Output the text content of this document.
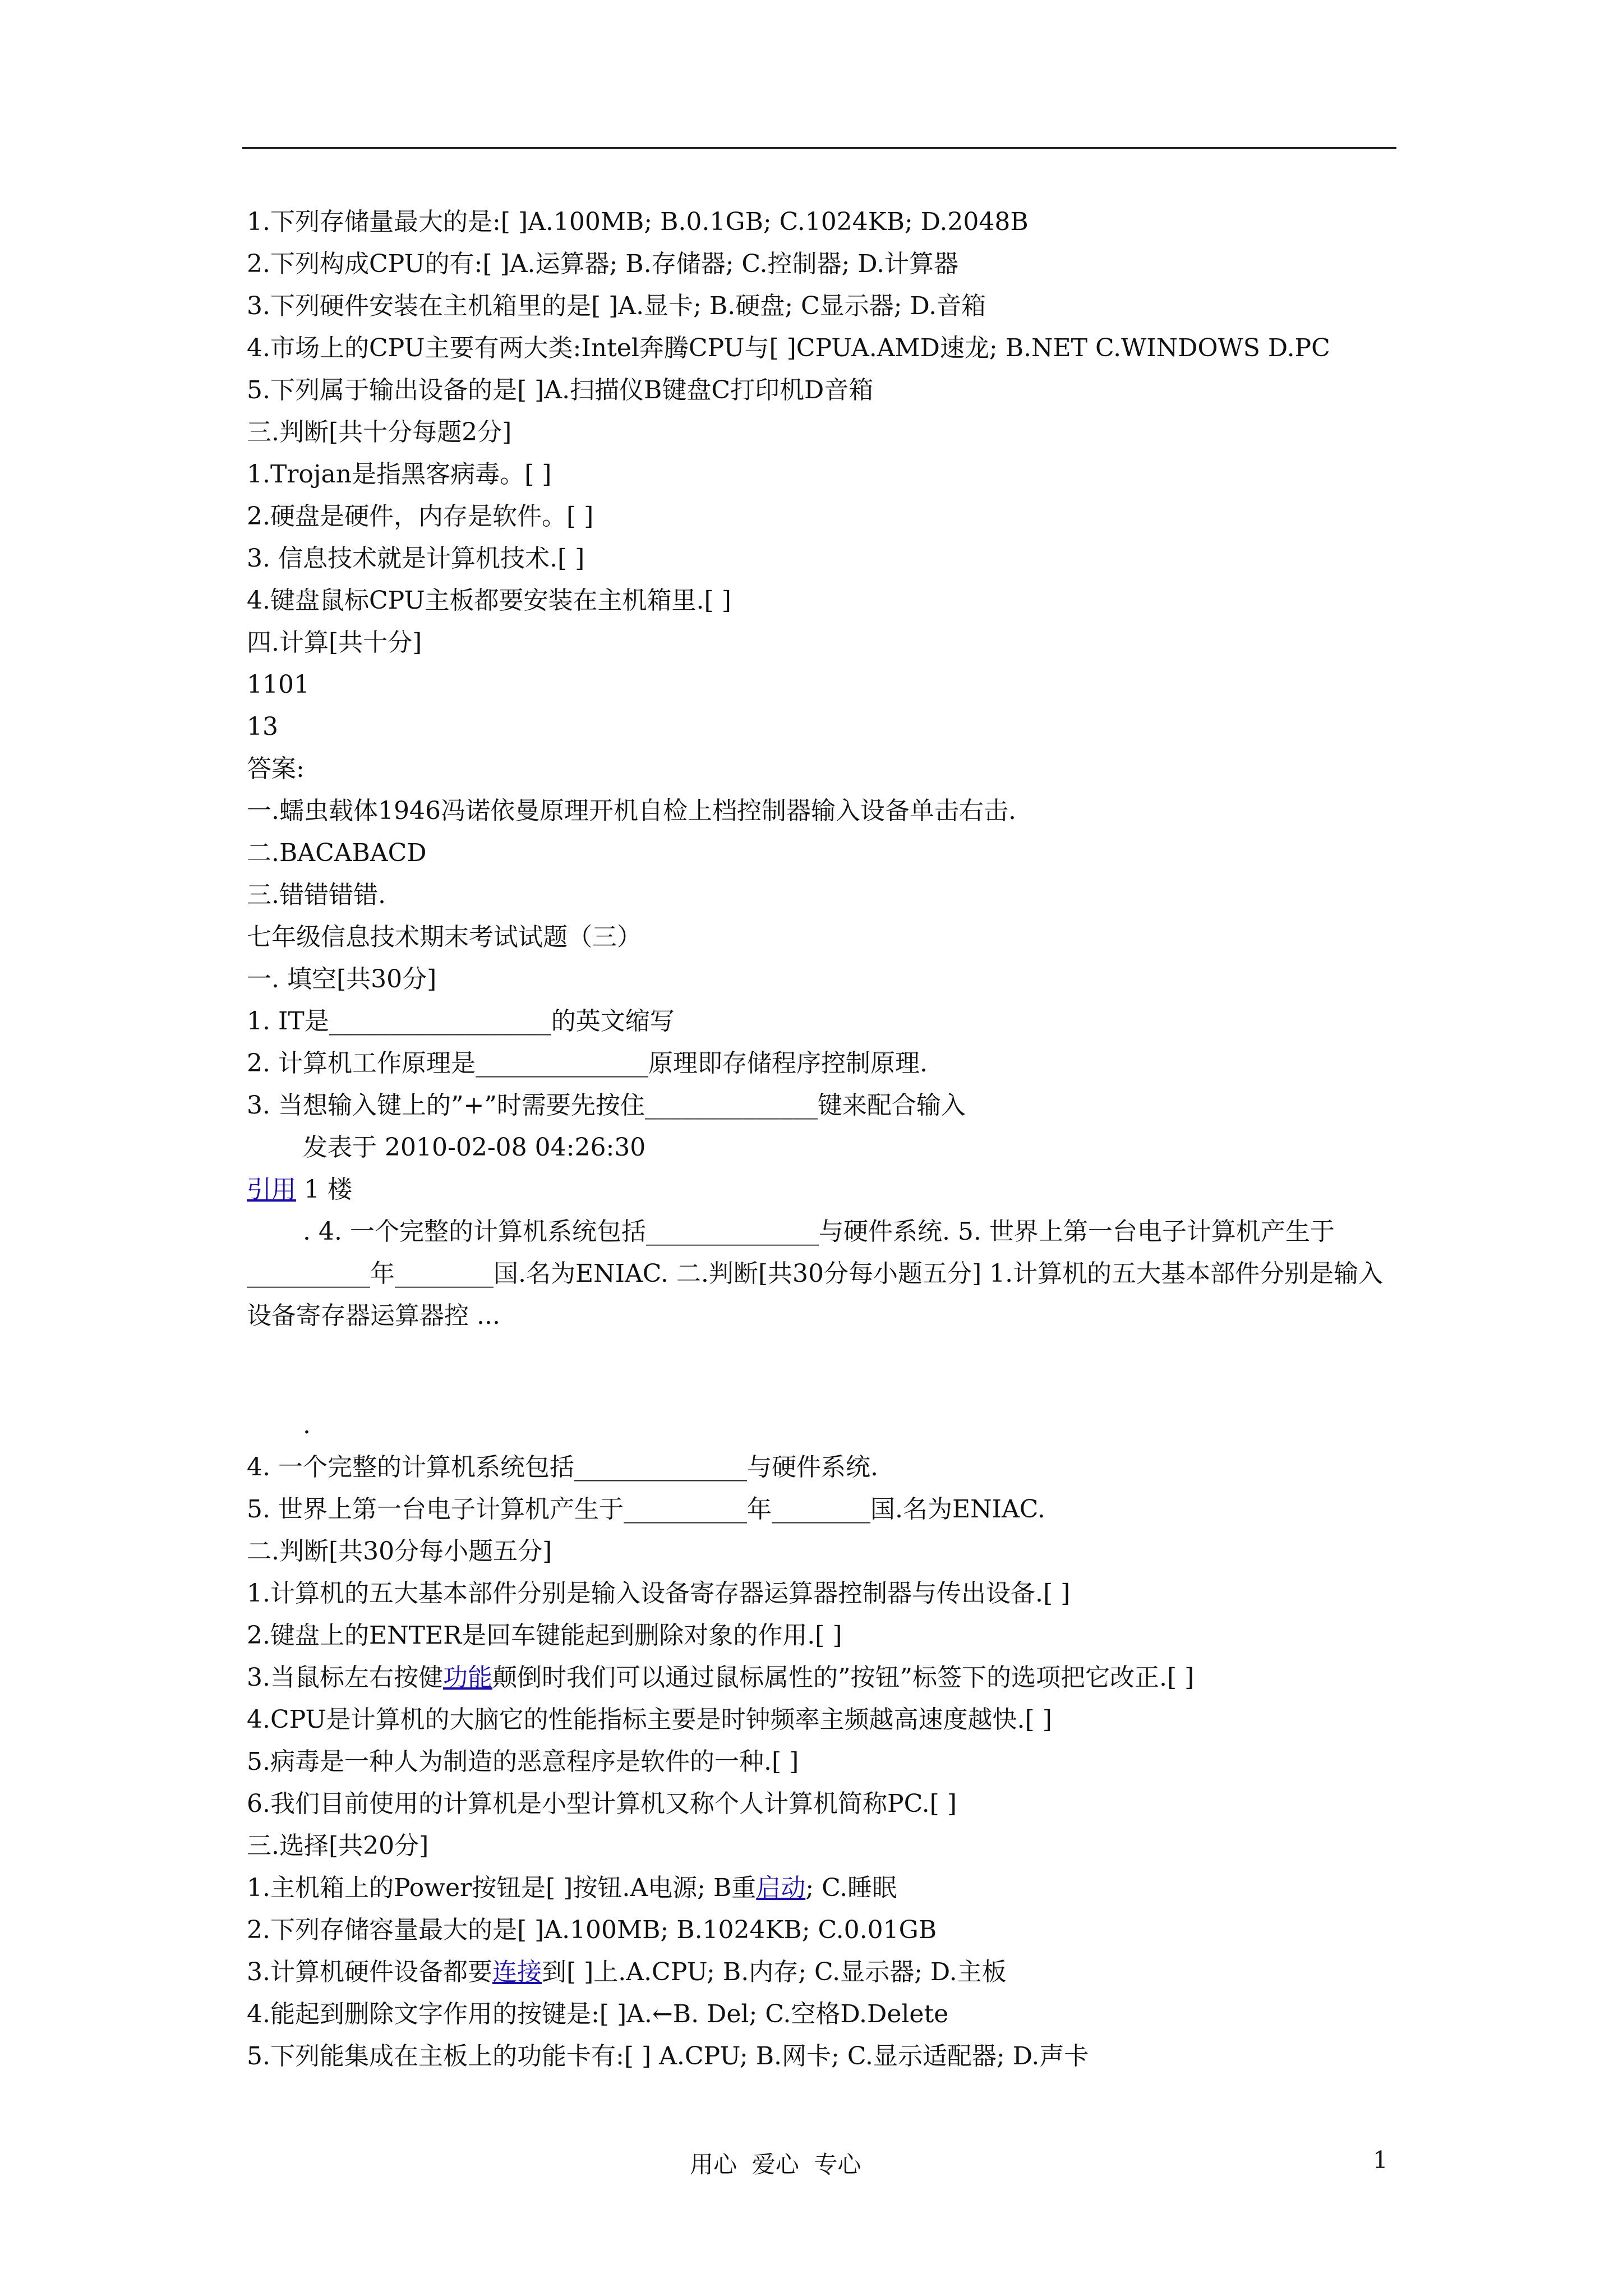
1.下列存储量最大的是:[ ]A.100MB; B.0.1GB; C.1024KB; D.2048B
2.下列构成CPU的有:[ ]A.运算器; B.存储器; C.控制器; D.计算器
3.下列硬件安装在主机箱里的是[ ]A.显卡; B.硬盘; C显示器; D.音箱
4.市场上的CPU主要有两大类:Intel奔腾CPU与[ ]CPUA.AMD速龙; B.NET C.WINDOWS D.PC
5.下列属于输出设备的是[ ]A.扫描仪B键盘C打印机D音箱
三.判断[共十分每题2分]
1.Trojan是指黑客病毒。[ ]
2.硬盘是硬件，内存是软件。[ ]
3. 信息技术就是计算机技术.[ ]
4.键盘鼠标CPU主板都要安装在主机箱里.[ ]
四.计算[共十分]
1101
13
答案:
一.蠕虫载体1946冯诺依曼原理开机自检上档控制器输入设备单击右击.
二.BACABACD
三.错错错错.
七年级信息技术期末考试试题（三）
一. 填空[共30分]
1. IT是__________________的英文缩写
2. 计算机工作原理是______________原理即存储程序控制原理.
3. 当想输入键上的”+”时需要先按住______________键来配合输入
发表于 2010-02-08 04:26:30
引用 1 楼
. 4. 一个完整的计算机系统包括______________与硬件系统. 5. 世界上第一台电子计算机产生于__________年________国.名为ENIAC. 二.判断[共30分每小题五分] 1.计算机的五大基本部件分别是输入设备寄存器运算器控 ...
.
4. 一个完整的计算机系统包括______________与硬件系统.
5. 世界上第一台电子计算机产生于__________年________国.名为ENIAC.
二.判断[共30分每小题五分]
1.计算机的五大基本部件分别是输入设备寄存器运算器控制器与传出设备.[ ]
2.键盘上的ENTER是回车键能起到删除对象的作用.[ ]
3.当鼠标左右按健功能颠倒时我们可以通过鼠标属性的”按钮”标签下的选项把它改正.[ ]
4.CPU是计算机的大脑它的性能指标主要是时钟频率主频越高速度越快.[ ]
5.病毒是一种人为制造的恶意程序是软件的一种.[ ]
6.我们目前使用的计算机是小型计算机又称个人计算机简称PC.[ ]
三.选择[共20分]
1.主机箱上的Power按钮是[ ]按钮.A电源; B重启动; C.睡眠
2.下列存储容量最大的是[ ]A.100MB; B.1024KB; C.0.01GB
3.计算机硬件设备都要连接到[ ]上.A.CPU; B.内存; C.显示器; D.主板
4.能起到删除文字作用的按键是:[ ]A.←B. Del; C.空格D.Delete
5.下列能集成在主板上的功能卡有:[ ] A.CPU; B.网卡; C.显示适配器; D.声卡
用心  爱心  专心	1
